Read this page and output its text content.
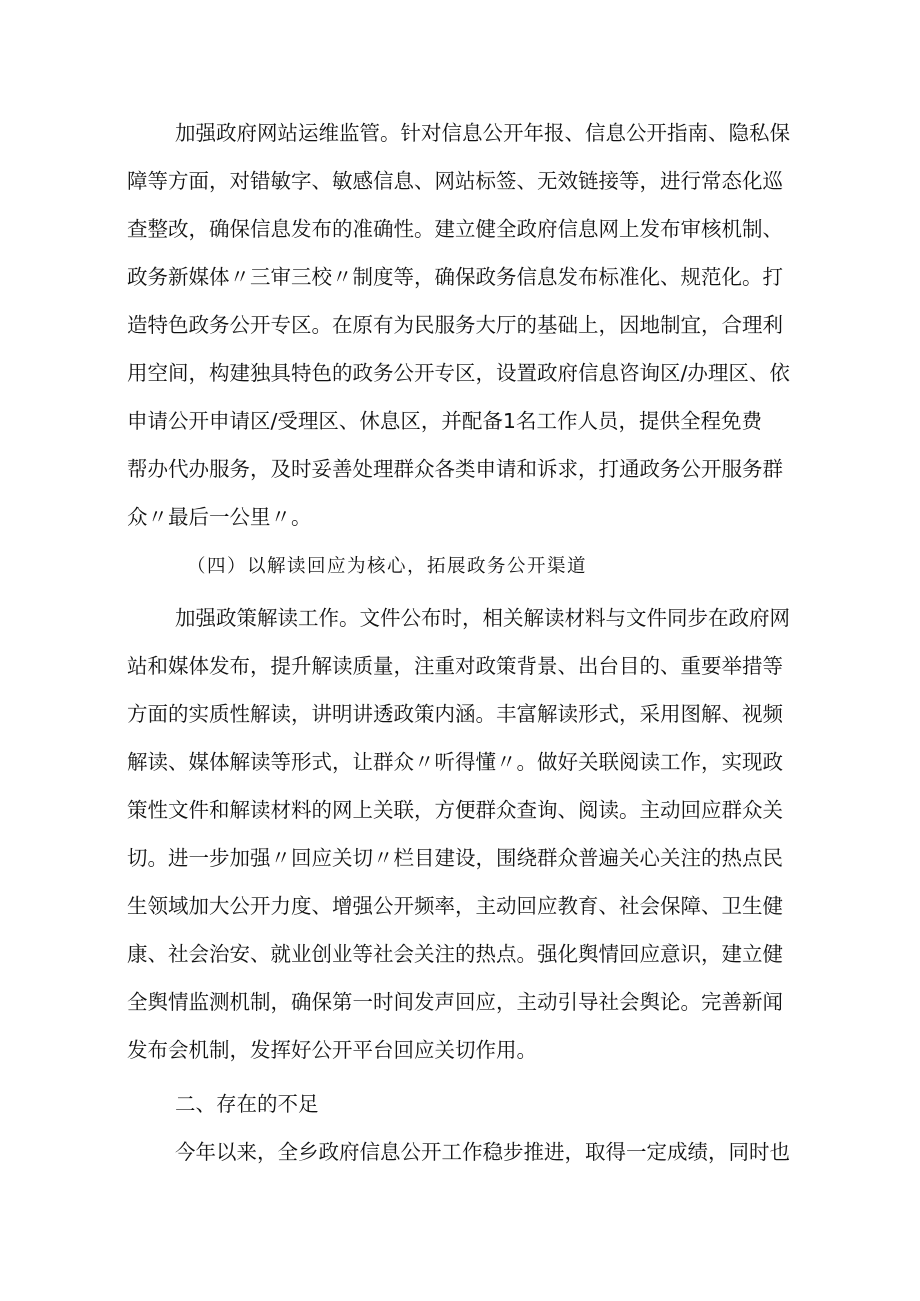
加强政府网站运维监管。针对信息公开年报、信息公开指南、隐私保
障等方面，对错敏字、敏感信息、网站标签、无效链接等，进行常态化巡
查整改，确保信息发布的准确性。建立健全政府信息网上发布审核机制、
政务新媒体〃三审三校〃制度等，确保政务信息发布标准化、规范化。打
造特色政务公开专区。在原有为民服务大厅的基础上，因地制宜，合理利
用空间，构建独具特色的政务公开专区，设置政府信息咨询区/办理区、依
申请公开申请区/受理区、休息区，并配备1名工作人员，提供全程免费
帮办代办服务，及时妥善处理群众各类申请和诉求，打通政务公开服务群
众〃最后一公里〃。
（四）以解读回应为核心，拓展政务公开渠道
加强政策解读工作。文件公布时，相关解读材料与文件同步在政府网
站和媒体发布，提升解读质量，注重对政策背景、出台目的、重要举措等
方面的实质性解读，讲明讲透政策内涵。丰富解读形式，采用图解、视频
解读、媒体解读等形式，让群众〃听得懂〃。做好关联阅读工作，实现政
策性文件和解读材料的网上关联，方便群众查询、阅读。主动回应群众关
切。进一步加强〃回应关切〃栏目建设，围绕群众普遍关心关注的热点民
生领域加大公开力度、增强公开频率，主动回应教育、社会保障、卫生健
康、社会治安、就业创业等社会关注的热点。强化舆情回应意识，建立健
全舆情监测机制，确保第一时间发声回应，主动引导社会舆论。完善新闻
发布会机制，发挥好公开平台回应关切作用。
二、存在的不足
今年以来，全乡政府信息公开工作稳步推进，取得一定成绩，同时也
